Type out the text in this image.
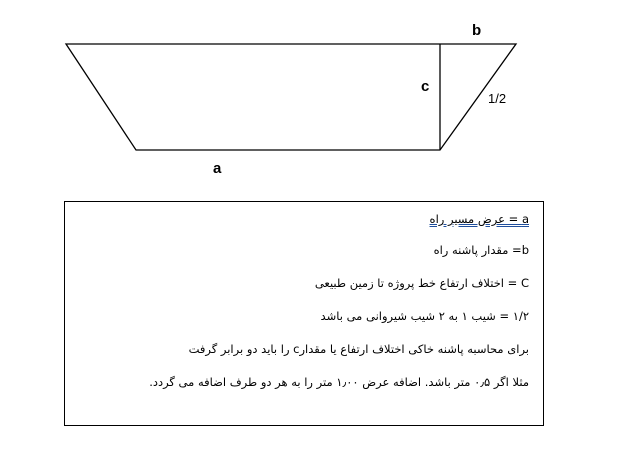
b
c
1/2
a
a = عرض مسیر راه
b= مقدار پاشنه راه
C = اختلاف ارتفاع خط پروژه تا زمین طبیعی
۱/۲ = شیب ۱ به ۲ شیب شیروانی می باشد
برای محاسبه پاشنه خاکی اختلاف ارتفاع یا مقدارc را باید دو برابر گرفت
مثلا اگر ۰٫۵ متر باشد. اضافه عرض ۱٫۰۰ متر را به هر دو طرف اضافه می گردد.
